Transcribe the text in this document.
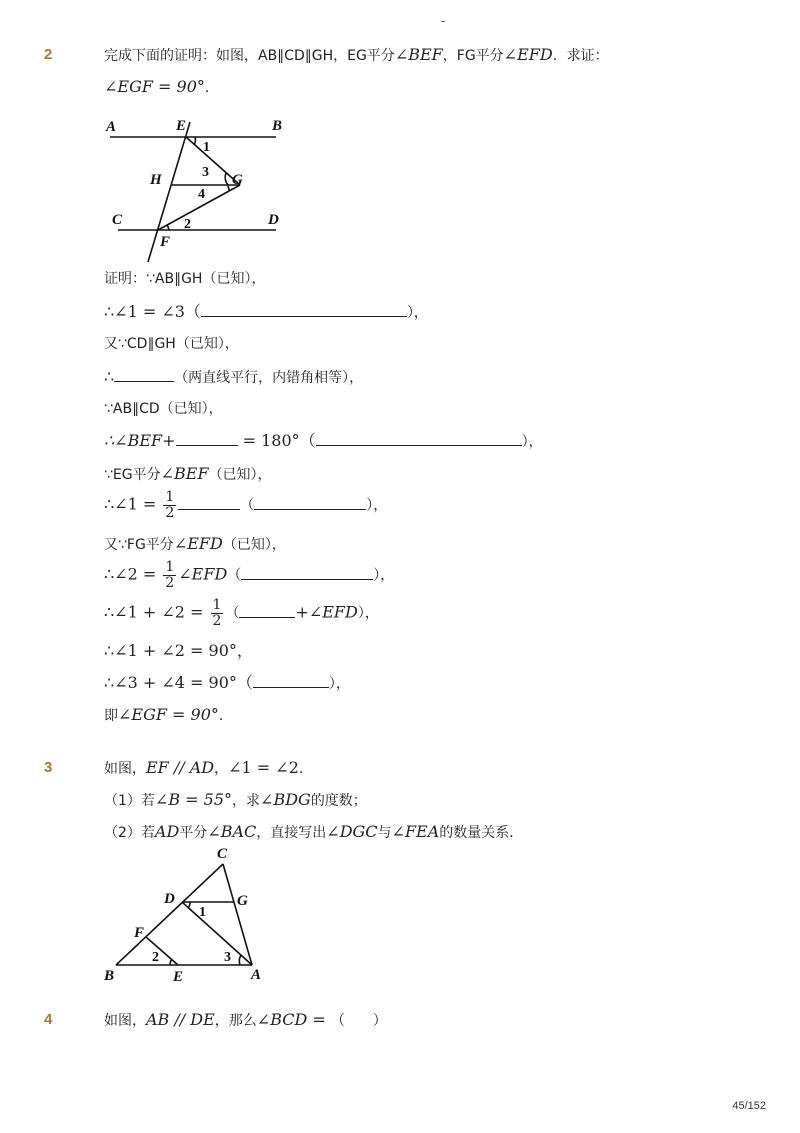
-
2	完成下面的证明：如图，AB∥CD∥GH，EG平分∠BEF，FG平分∠EFD．求证：
∠EGF = 90°．
A	E	B
H	G
C	D
F
1
3
4
2
证明：∵AB∥GH（已知），
∴∠1 = ∠3（	），
又∵CD∥GH（已知），
∴	（两直线平行，内错角相等），
∵AB∥CD（已知），
∴∠BEF+	= 180°（	），
∵EG平分∠BEF（已知），
∴∠1 = $\frac{1}{2}$	（	），
又∵FG平分∠EFD（已知），
∴∠2 = $\frac{1}{2}$ ∠EFD（	），
∴∠1 + ∠2 = $\frac{1}{2}$ （	+∠EFD），
∴∠1 + ∠2 = 90°，
∴∠3 + ∠4 = 90°（	），
即∠EGF = 90°．
3	如图，EF // AD，∠1 = ∠2．
（1）若∠B = 55°，求∠BDG的度数；
（2）若AD平分∠BAC，直接写出∠DGC与∠FEA的数量关系．
C
D	G
F
B	E	A
1
2	3
4	如图，AB // DE，那么∠BCD = （　　）
45/152
